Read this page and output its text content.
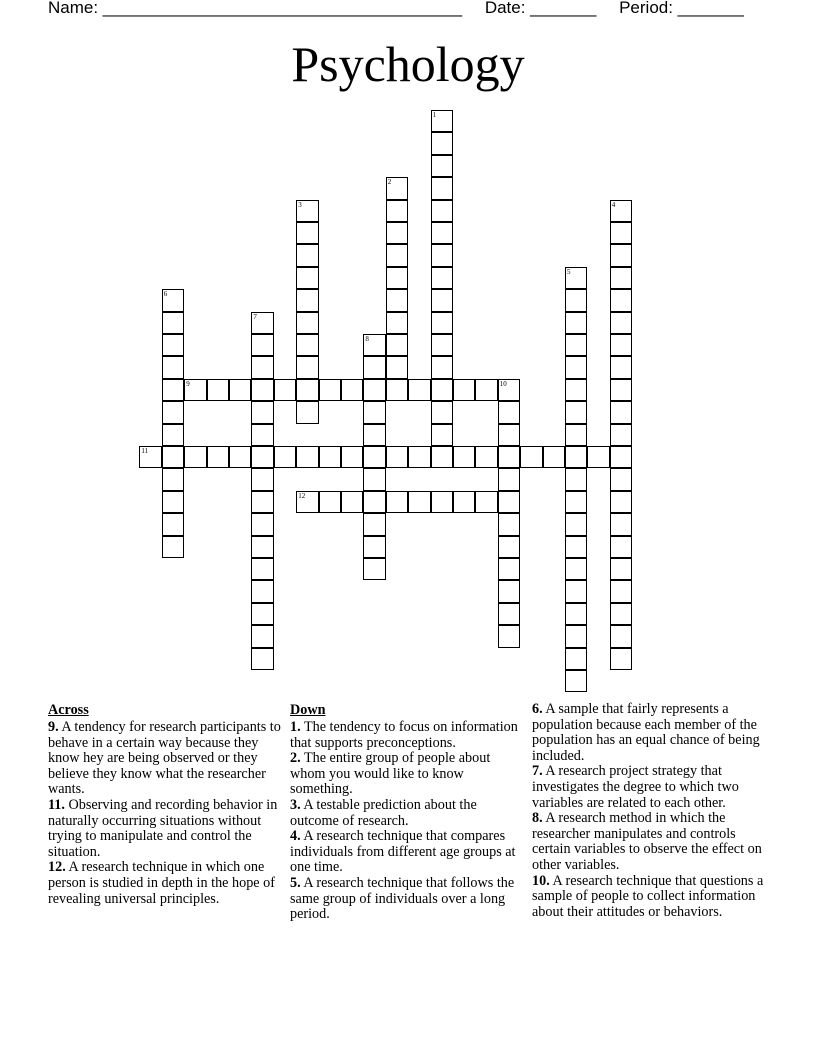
Name: ______________________________________ Date: _______ Period: _______
Psychology
1
2
3	4
5
6
7
8
9	10
11
12
Across
9. A tendency for research participants to behave in a certain way because they know hey are being observed or they believe they know what the researcher wants.
11. Observing and recording behavior in naturally occurring situations without trying to manipulate and control the situation.
12. A research technique in which one person is studied in depth in the hope of revealing universal principles.
Down
1. The tendency to focus on information that supports preconceptions.
2. The entire group of people about whom you would like to know something.
3. A testable prediction about the outcome of research.
4. A research technique that compares individuals from different age groups at one time.
5. A research technique that follows the same group of individuals over a long period.
6. A sample that fairly represents a population because each member of the population has an equal chance of being included.
7. A research project strategy that investigates the degree to which two variables are related to each other.
8. A research method in which the researcher manipulates and controls certain variables to observe the effect on other variables.
10. A research technique that questions a sample of people to collect information about their attitudes or behaviors.
